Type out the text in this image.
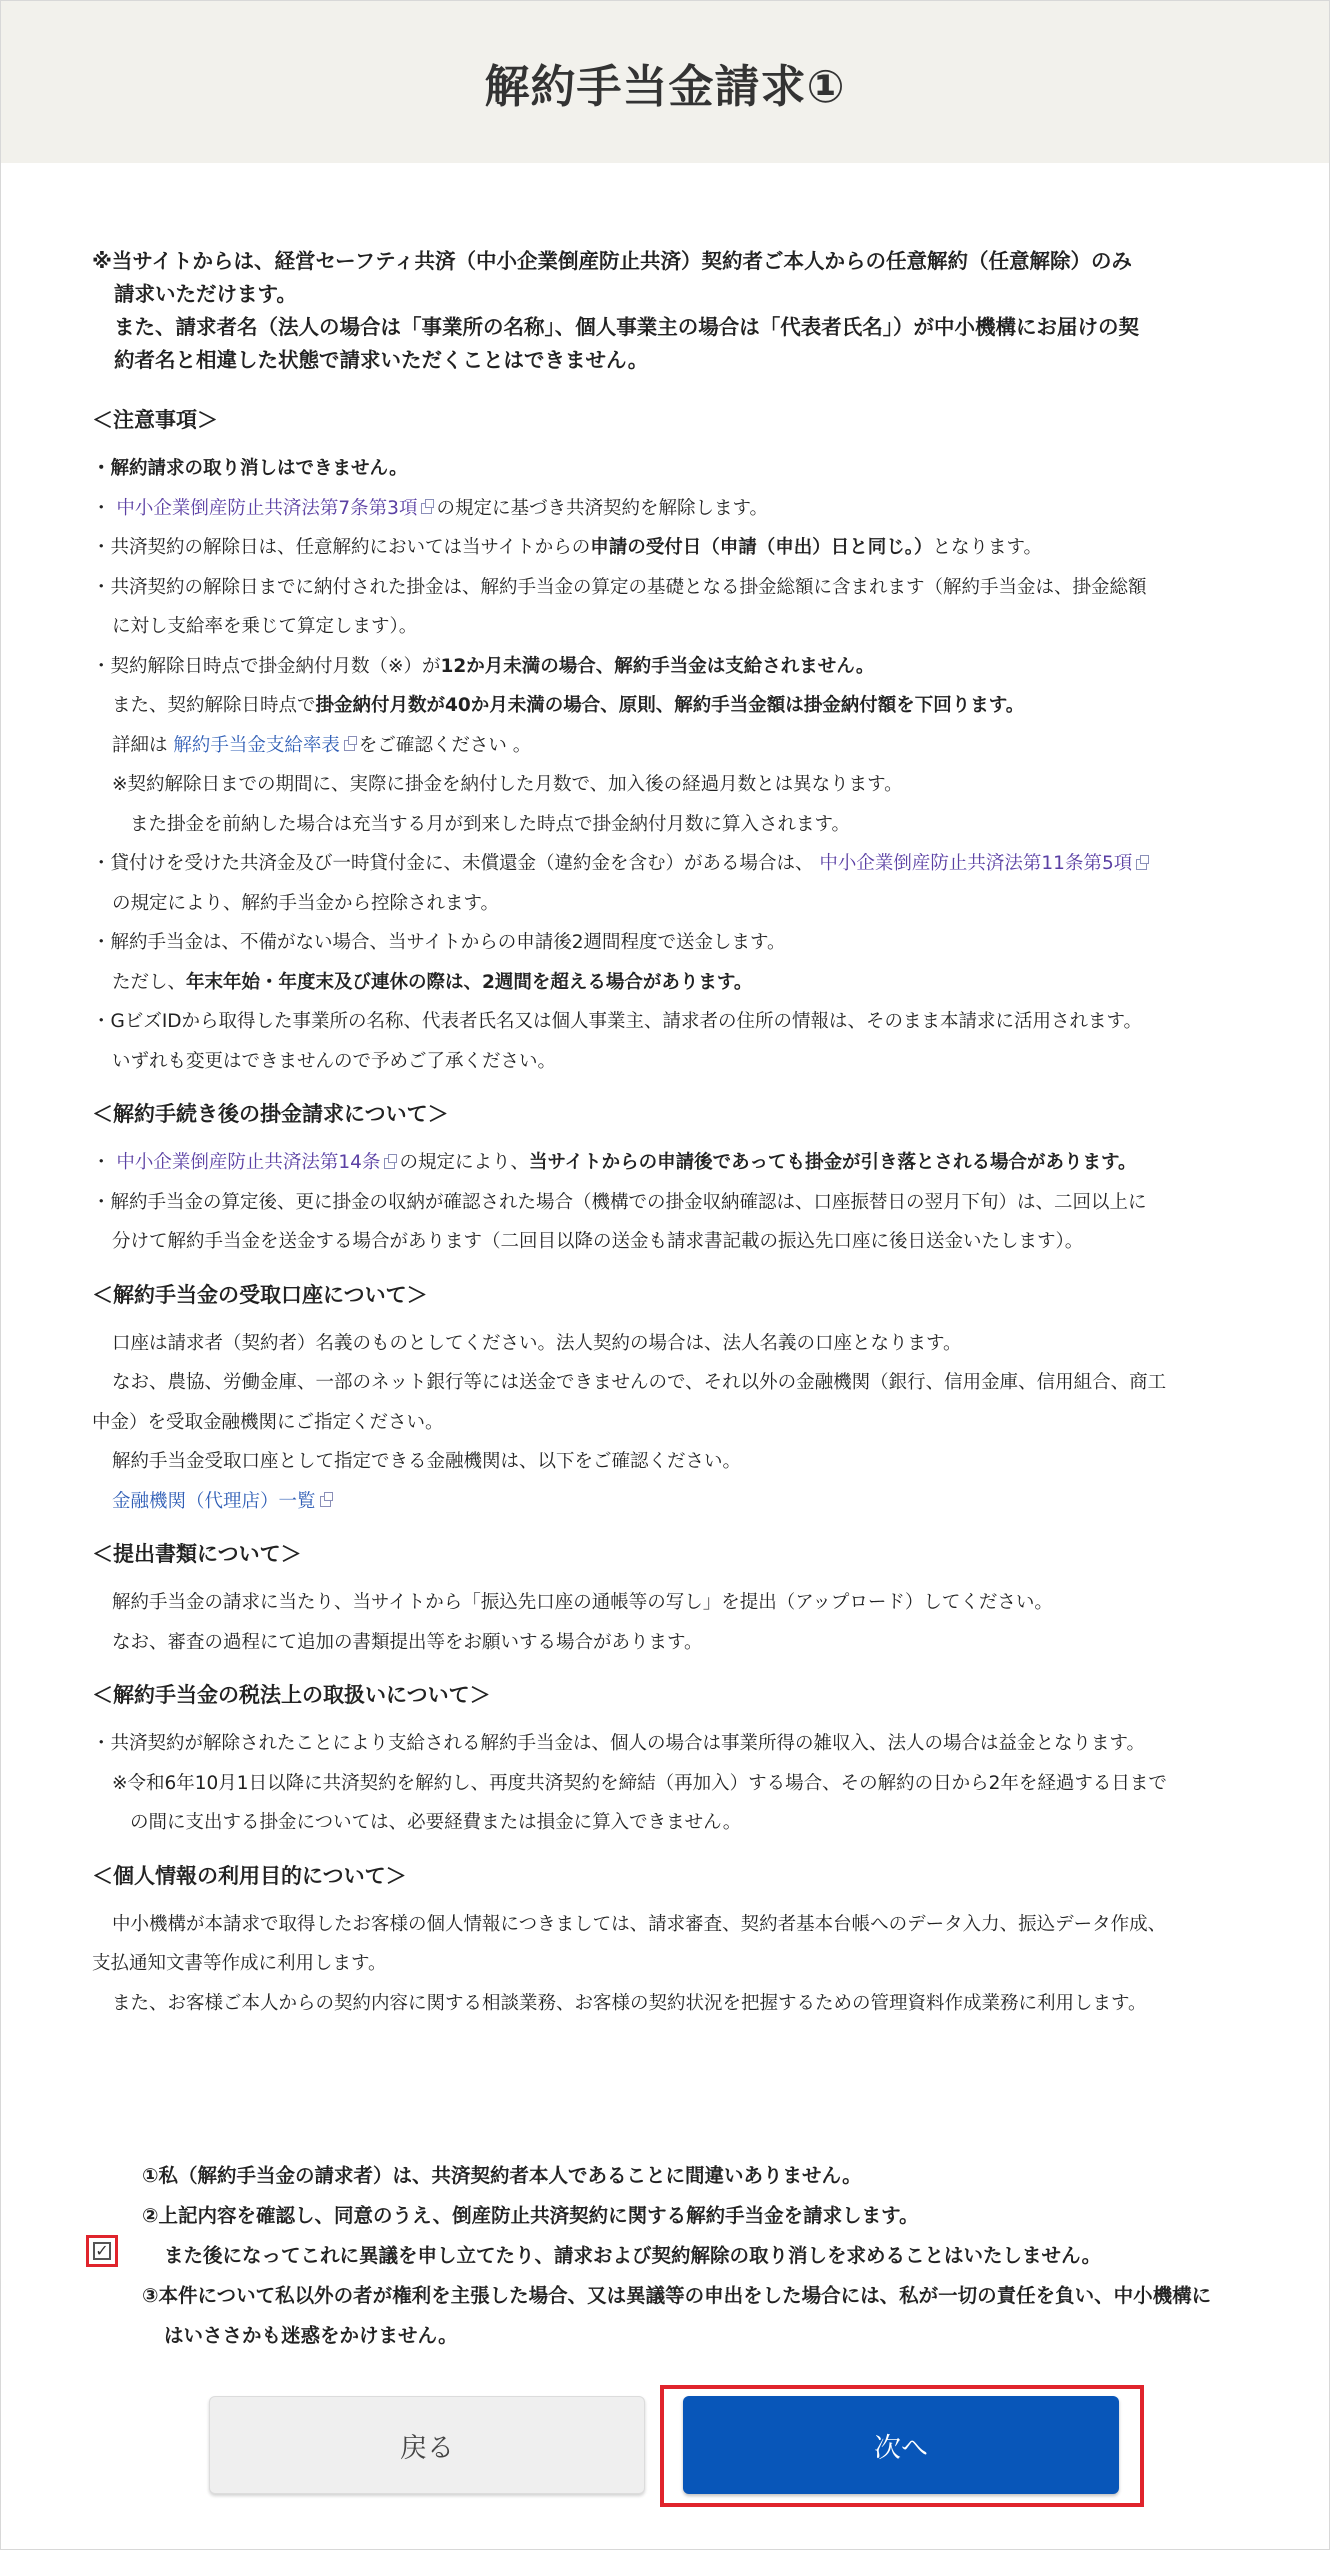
解約手当金請求①

※当サイトからは、経営セーフティ共済（中小企業倒産防止共済）契約者ご本人からの任意解約（任意解除）のみ

請求いただけます。

また、請求者名（法人の場合は「事業所の名称」、個人事業主の場合は「代表者氏名」）が中小機構にお届けの契

約者名と相違した状態で請求いただくことはできません。

＜注意事項＞

・解約請求の取り消しはできません。

・ 中小企業倒産防止共済法第7条第3項 の規定に基づき共済契約を解除します。

・共済契約の解除日は、任意解約においては当サイトからの申請の受付日（申請（申出）日と同じ。）となります。

・共済契約の解除日までに納付された掛金は、解約手当金の算定の基礎となる掛金総額に含まれます（解約手当金は、掛金総額

に対し支給率を乗じて算定します）。

・契約解除日時点で掛金納付月数（※）が12か月未満の場合、解約手当金は支給されません。

また、契約解除日時点で掛金納付月数が40か月未満の場合、原則、解約手当金額は掛金納付額を下回ります。

詳細は 解約手当金支給率表 をご確認ください 。

※契約解除日までの期間に、実際に掛金を納付した月数で、加入後の経過月数とは異なります。

また掛金を前納した場合は充当する月が到来した時点で掛金納付月数に算入されます。

・貸付けを受けた共済金及び一時貸付金に、未償還金（違約金を含む）がある場合は、 中小企業倒産防止共済法第11条第5項

の規定により、解約手当金から控除されます。

・解約手当金は、不備がない場合、当サイトからの申請後2週間程度で送金します。

ただし、年末年始・年度末及び連休の際は、2週間を超える場合があります。

・GビズIDから取得した事業所の名称、代表者氏名又は個人事業主、請求者の住所の情報は、そのまま本請求に活用されます。

いずれも変更はできませんので予めご了承ください。

＜解約手続き後の掛金請求について＞

・ 中小企業倒産防止共済法第14条 の規定により、当サイトからの申請後であっても掛金が引き落とされる場合があります。

・解約手当金の算定後、更に掛金の収納が確認された場合（機構での掛金収納確認は、口座振替日の翌月下旬）は、二回以上に

分けて解約手当金を送金する場合があります（二回目以降の送金も請求書記載の振込先口座に後日送金いたします）。

＜解約手当金の受取口座について＞

口座は請求者（契約者）名義のものとしてください。法人契約の場合は、法人名義の口座となります。

なお、農協、労働金庫、一部のネット銀行等には送金できませんので、それ以外の金融機関（銀行、信用金庫、信用組合、商工

中金）を受取金融機関にご指定ください。

解約手当金受取口座として指定できる金融機関は、以下をご確認ください。

金融機関（代理店）一覧

＜提出書類について＞

解約手当金の請求に当たり、当サイトから「振込先口座の通帳等の写し」を提出（アップロード）してください。

なお、審査の過程にて追加の書類提出等をお願いする場合があります。

＜解約手当金の税法上の取扱いについて＞

・共済契約が解除されたことにより支給される解約手当金は、個人の場合は事業所得の雑収入、法人の場合は益金となります。

※令和6年10月1日以降に共済契約を解約し、再度共済契約を締結（再加入）する場合、その解約の日から2年を経過する日まで

の間に支出する掛金については、必要経費または損金に算入できません。

＜個人情報の利用目的について＞

中小機構が本請求で取得したお客様の個人情報につきましては、請求審査、契約者基本台帳へのデータ入力、振込データ作成、

支払通知文書等作成に利用します。

また、お客様ご本人からの契約内容に関する相談業務、お客様の契約状況を把握するための管理資料作成業務に利用します。

①私（解約手当金の請求者）は、共済契約者本人であることに間違いありません。

②上記内容を確認し、同意のうえ、倒産防止共済契約に関する解約手当金を請求します。

また後になってこれに異議を申し立てたり、請求および契約解除の取り消しを求めることはいたしません。

③本件について私以外の者が権利を主張した場合、又は異議等の申出をした場合には、私が一切の責任を負い、中小機構に

はいささかも迷惑をかけません。

✓
戻る	次へ
